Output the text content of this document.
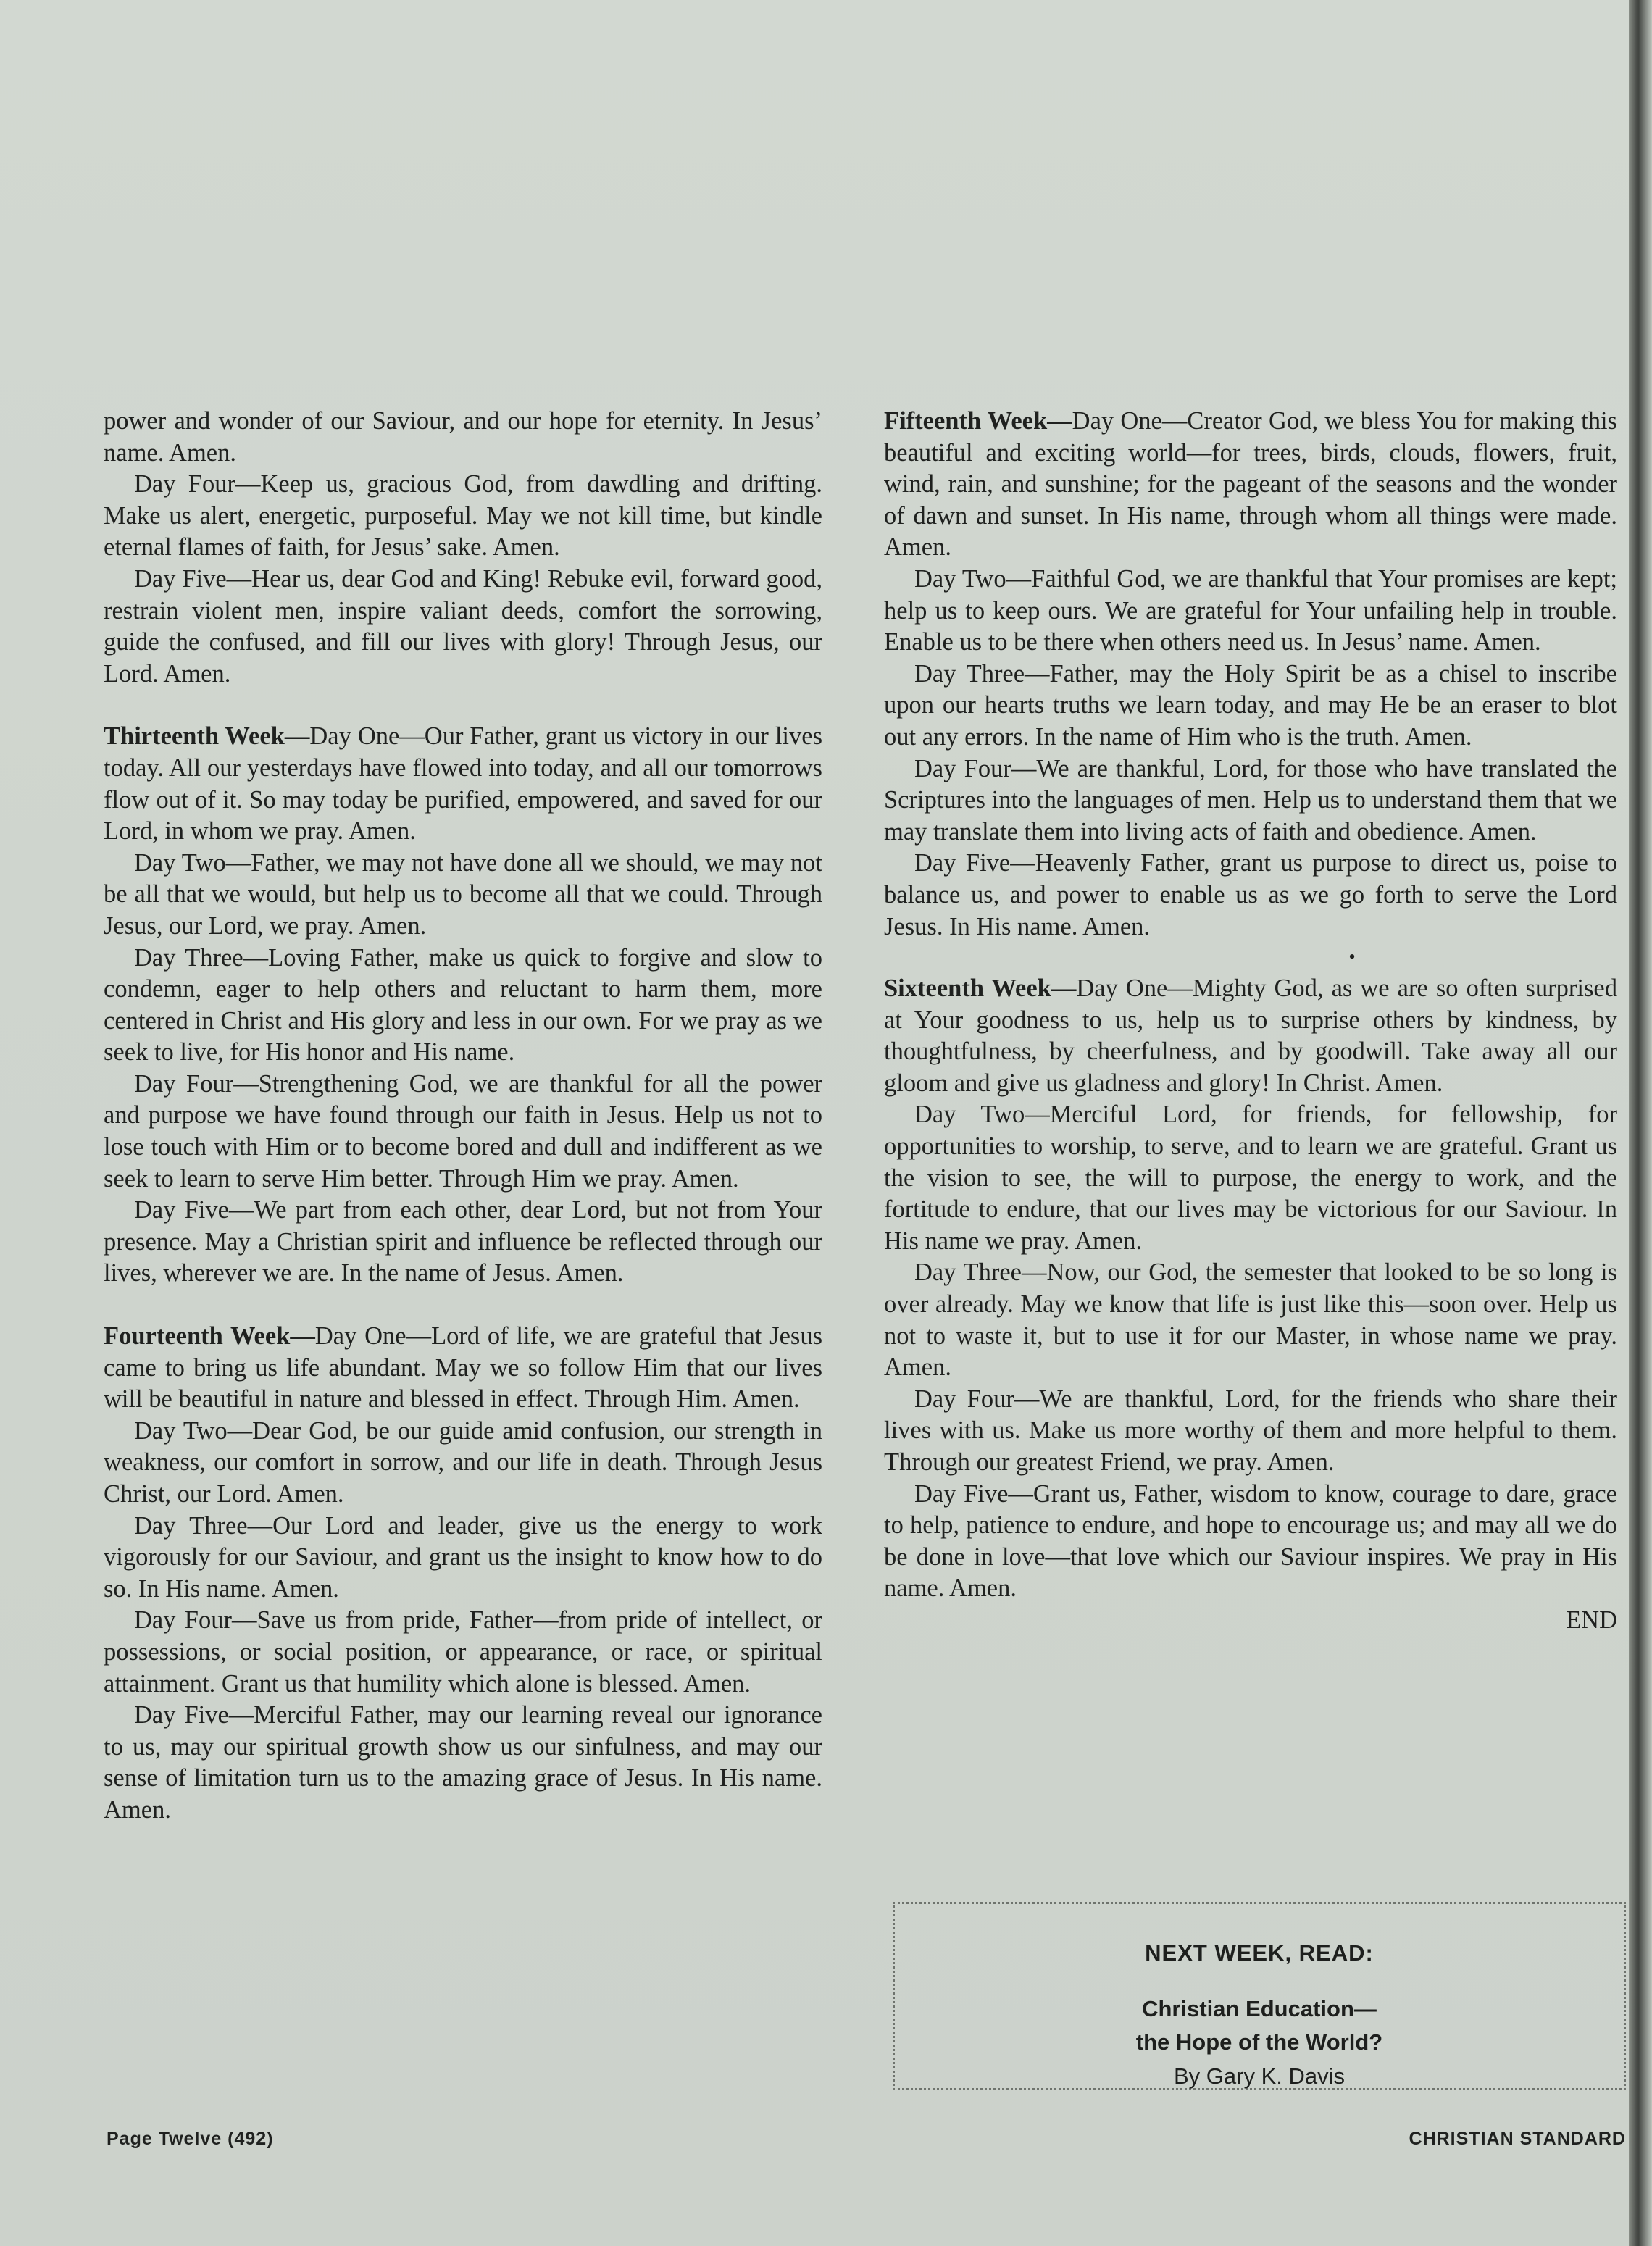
power and wonder of our Saviour, and our hope for eternity. In Jesus’ name. Amen.

Day Four—Keep us, gracious God, from dawdling and drifting. Make us alert, energetic, purposeful. May we not kill time, but kindle eternal flames of faith, for Jesus’ sake. Amen.

Day Five—Hear us, dear God and King! Rebuke evil, forward good, restrain violent men, inspire valiant deeds, comfort the sorrowing, guide the confused, and fill our lives with glory! Through Jesus, our Lord. Amen.

Thirteenth Week—Day One—Our Father, grant us victory in our lives today. All our yesterdays have flowed into today, and all our tomorrows flow out of it. So may today be purified, empowered, and saved for our Lord, in whom we pray. Amen.

Day Two—Father, we may not have done all we should, we may not be all that we would, but help us to become all that we could. Through Jesus, our Lord, we pray. Amen.

Day Three—Loving Father, make us quick to forgive and slow to condemn, eager to help others and reluctant to harm them, more centered in Christ and His glory and less in our own. For we pray as we seek to live, for His honor and His name.

Day Four—Strengthening God, we are thankful for all the power and purpose we have found through our faith in Jesus. Help us not to lose touch with Him or to become bored and dull and indifferent as we seek to learn to serve Him better. Through Him we pray. Amen.

Day Five—We part from each other, dear Lord, but not from Your presence. May a Christian spirit and influence be reflected through our lives, wherever we are. In the name of Jesus. Amen.

Fourteenth Week—Day One—Lord of life, we are grateful that Jesus came to bring us life abundant. May we so follow Him that our lives will be beautiful in nature and blessed in effect. Through Him. Amen.

Day Two—Dear God, be our guide amid confusion, our strength in weakness, our comfort in sorrow, and our life in death. Through Jesus Christ, our Lord. Amen.

Day Three—Our Lord and leader, give us the energy to work vigorously for our Saviour, and grant us the insight to know how to do so. In His name. Amen.

Day Four—Save us from pride, Father—from pride of intellect, or possessions, or social position, or appearance, or race, or spiritual attainment. Grant us that humility which alone is blessed. Amen.

Day Five—Merciful Father, may our learning reveal our ignorance to us, may our spiritual growth show us our sinfulness, and may our sense of limitation turn us to the amazing grace of Jesus. In His name. Amen.

Fifteenth Week—Day One—Creator God, we bless You for making this beautiful and exciting world—for trees, birds, clouds, flowers, fruit, wind, rain, and sunshine; for the pageant of the seasons and the wonder of dawn and sunset. In His name, through whom all things were made. Amen.

Day Two—Faithful God, we are thankful that Your promises are kept; help us to keep ours. We are grateful for Your unfailing help in trouble. Enable us to be there when others need us. In Jesus’ name. Amen.

Day Three—Father, may the Holy Spirit be as a chisel to inscribe upon our hearts truths we learn today, and may He be an eraser to blot out any errors. In the name of Him who is the truth. Amen.

Day Four—We are thankful, Lord, for those who have translated the Scriptures into the languages of men. Help us to understand them that we may translate them into living acts of faith and obedience. Amen.

Day Five—Heavenly Father, grant us purpose to direct us, poise to balance us, and power to enable us as we go forth to serve the Lord Jesus. In His name. Amen.

•

Sixteenth Week—Day One—Mighty God, as we are so often surprised at Your goodness to us, help us to surprise others by kindness, by thoughtfulness, by cheerfulness, and by goodwill. Take away all our gloom and give us gladness and glory! In Christ. Amen.

Day Two—Merciful Lord, for friends, for fellowship, for opportunities to worship, to serve, and to learn we are grateful. Grant us the vision to see, the will to purpose, the energy to work, and the fortitude to endure, that our lives may be victorious for our Saviour. In His name we pray. Amen.

Day Three—Now, our God, the semester that looked to be so long is over already. May we know that life is just like this—soon over. Help us not to waste it, but to use it for our Master, in whose name we pray. Amen.

Day Four—We are thankful, Lord, for the friends who share their lives with us. Make us more worthy of them and more helpful to them. Through our greatest Friend, we pray. Amen.

Day Five—Grant us, Father, wisdom to know, courage to dare, grace to help, patience to endure, and hope to encourage us; and may all we do be done in love—that love which our Saviour inspires. We pray in His name. Amen.

END

NEXT WEEK, READ:
Christian Education—
the Hope of the World?
By Gary K. Davis
Page Twelve (492)	CHRISTIAN STANDARD
